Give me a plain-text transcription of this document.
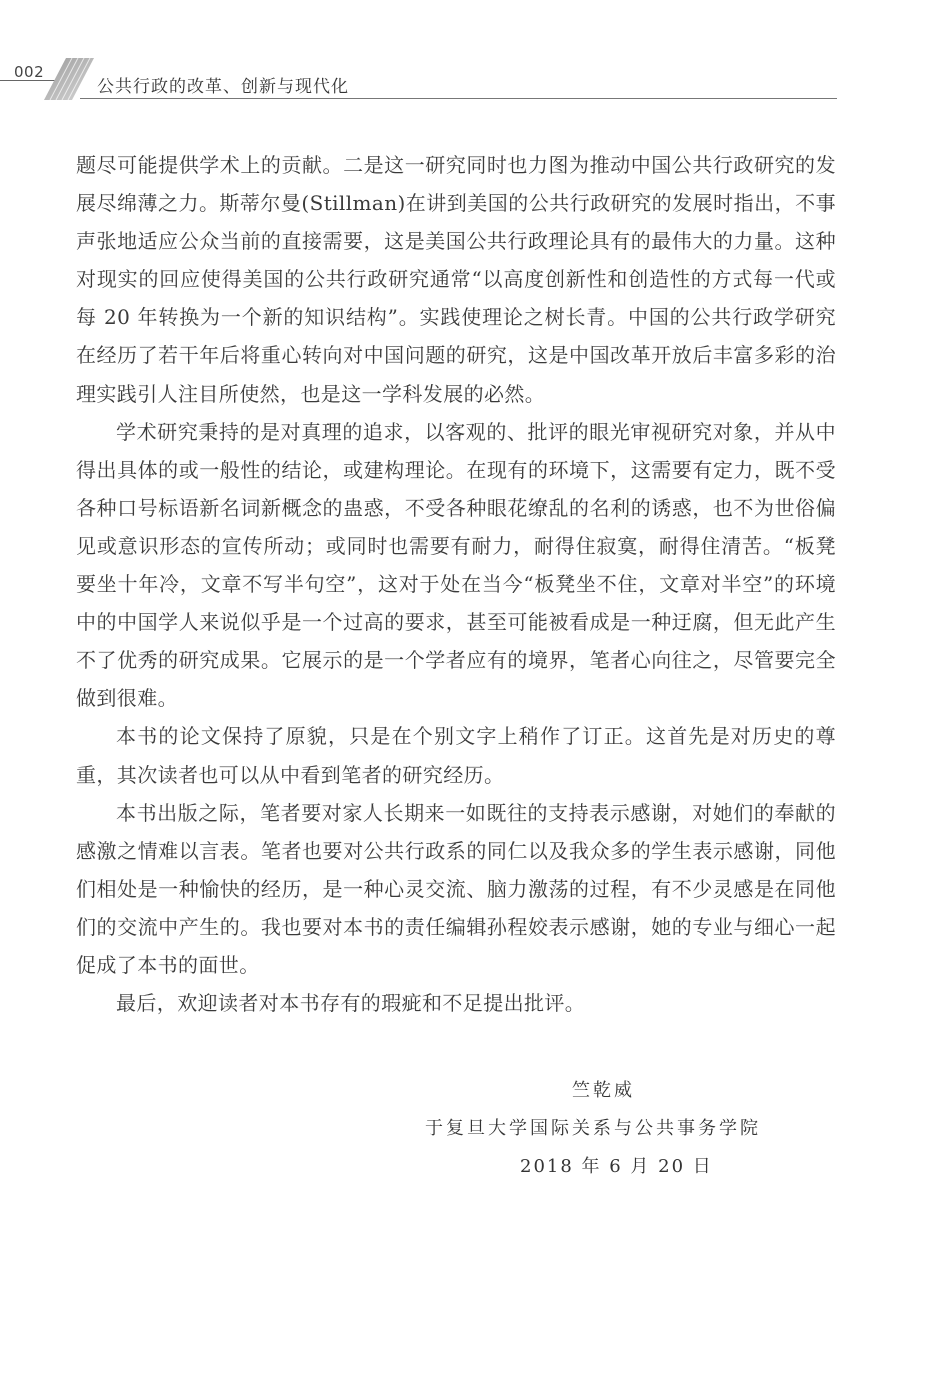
002
公共行政的改革、创新与现代化

题尽可能提供学术上的贡献。二是这一研究同时也力图为推动中国公共行政研究的发展尽绵薄之力。斯蒂尔曼(Stillman)在讲到美国的公共行政研究的发展时指出，不事声张地适应公众当前的直接需要，这是美国公共行政理论具有的最伟大的力量。这种对现实的回应使得美国的公共行政研究通常“以高度创新性和创造性的方式每一代或每 20 年转换为一个新的知识结构”。实践使理论之树长青。中国的公共行政学研究在经历了若干年后将重心转向对中国问题的研究，这是中国改革开放后丰富多彩的治理实践引人注目所使然，也是这一学科发展的必然。

学术研究秉持的是对真理的追求，以客观的、批评的眼光审视研究对象，并从中得出具体的或一般性的结论，或建构理论。在现有的环境下，这需要有定力，既不受各种口号标语新名词新概念的蛊惑，不受各种眼花缭乱的名利的诱惑，也不为世俗偏见或意识形态的宣传所动；或同时也需要有耐力，耐得住寂寞，耐得住清苦。“板凳要坐十年冷，文章不写半句空”，这对于处在当今“板凳坐不住，文章对半空”的环境中的中国学人来说似乎是一个过高的要求，甚至可能被看成是一种迂腐，但无此产生不了优秀的研究成果。它展示的是一个学者应有的境界，笔者心向往之，尽管要完全做到很难。

本书的论文保持了原貌，只是在个别文字上稍作了订正。这首先是对历史的尊重，其次读者也可以从中看到笔者的研究经历。

本书出版之际，笔者要对家人长期来一如既往的支持表示感谢，对她们的奉献的感激之情难以言表。笔者也要对公共行政系的同仁以及我众多的学生表示感谢，同他们相处是一种愉快的经历，是一种心灵交流、脑力激荡的过程，有不少灵感是在同他们的交流中产生的。我也要对本书的责任编辑孙程姣表示感谢，她的专业与细心一起促成了本书的面世。

最后，欢迎读者对本书存有的瑕疵和不足提出批评。

竺乾威
于复旦大学国际关系与公共事务学院
2018 年 6 月 20 日
